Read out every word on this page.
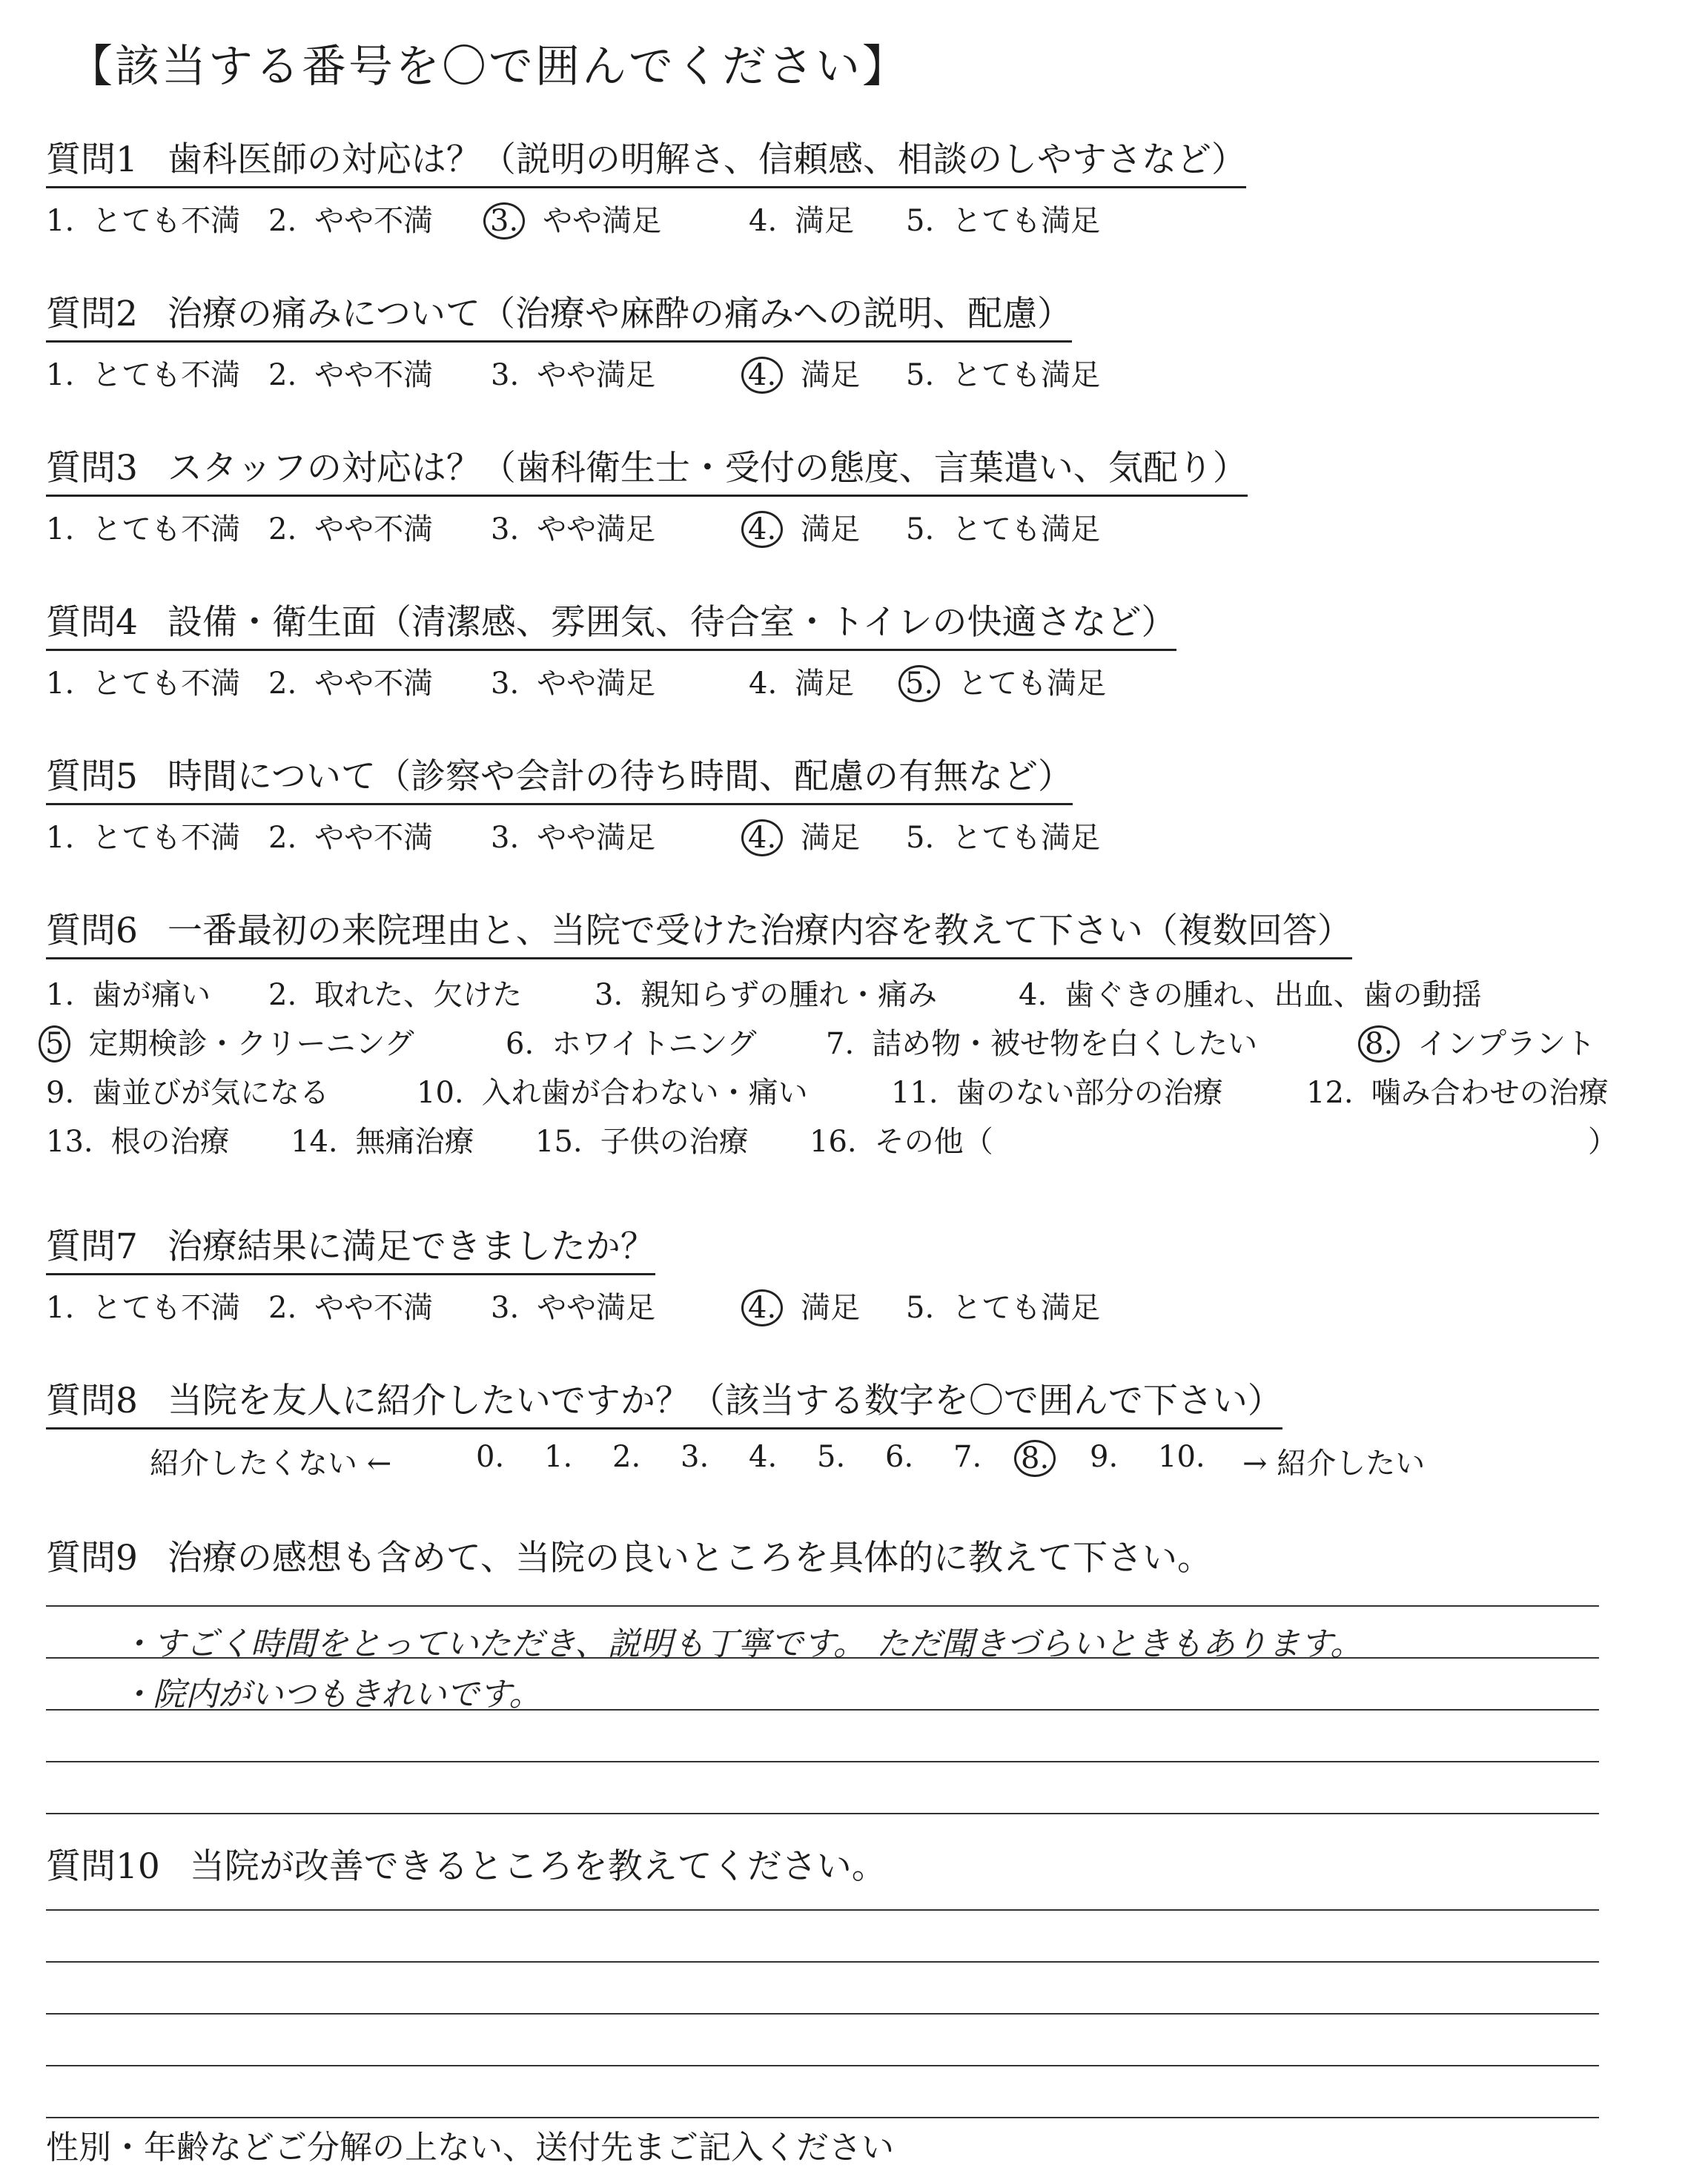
【該当する番号を〇で囲んでください】
質問1 歯科医師の対応は？（説明の明解さ、信頼感、相談のしやすさなど）
1. とても不満 2. やや不満 3. やや満足	4. 満足 5. とても満足
質問2 治療の痛みについて（治療や麻酔の痛みへの説明、配慮）
1. とても不満 2. やや不満 3. やや満足	4. 満足 5. とても満足
質問3 スタッフの対応は？（歯科衛生士・受付の態度、言葉遣い、気配り）
1. とても不満 2. やや不満 3. やや満足	4. 満足 5. とても満足
質問4 設備・衛生面（清潔感、雰囲気、待合室・トイレの快適さなど）
1. とても不満 2. やや不満 3. やや満足	4. 満足 5. とても満足
質問5 時間について（診察や会計の待ち時間、配慮の有無など）
1. とても不満 2. やや不満 3. やや満足	4. 満足 5. とても満足
質問6 一番最初の来院理由と、当院で受けた治療内容を教えて下さい（複数回答）
1. 歯が痛い 2. 取れた、欠けた 3. 親知らずの腫れ・痛み	4. 歯ぐきの腫れ、出血、歯の動揺
5 定期検診・クリーニング	6. ホワイトニング 7. 詰め物・被せ物を白くしたい	8. インプラント
9. 歯並びが気になる	10. 入れ歯が合わない・痛い	11. 歯のない部分の治療	12. 噛み合わせの治療
13. 根の治療 14. 無痛治療 15. 子供の治療 16. その他（	）
質問7 治療結果に満足できましたか？
1. とても不満 2. やや不満 3. やや満足	4. 満足 5. とても満足
質問8 当院を友人に紹介したいですか？（該当する数字を〇で囲んで下さい）
紹介したくない ←	0.	1.	2.	3.	4.	5.	6.	7.	8.	9.	10.	→ 紹介したい
質問9 治療の感想も含めて、当院の良いところを具体的に教えて下さい。
・すごく時間をとっていただき、説明も丁寧です。 ただ聞きづらいときもあります。
・院内がいつもきれいです。
質問10 当院が改善できるところを教えてください。
性別・年齢などご分解の上ない、送付先まご記入ください
